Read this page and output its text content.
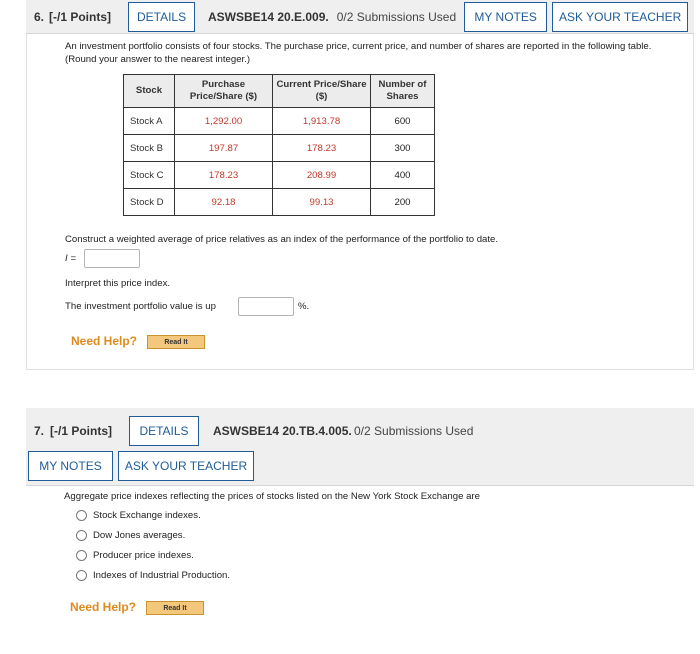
6. [-/1 Points]	DETAILS	ASWSBE14 20.E.009. 0/2 Submissions Used	MY NOTES	ASK YOUR TEACHER

An investment portfolio consists of four stocks. The purchase price, current price, and number of shares are reported in the following table. (Round your answer to the nearest integer.)

Stock	Purchase Price/Share ($)	Current Price/Share ($)	Number of Shares
Stock A	1,292.00	1,913.78	600
Stock B	197.87	178.23	300
Stock C	178.23	208.99	400
Stock D	92.18	99.13	200

Construct a weighted average of price relatives as an index of the performance of the portfolio to date.

I =

Interpret this price index.

The investment portfolio value is up	%.
Need Help?	Read It
7. [-/1 Points]	DETAILS	ASWSBE14 20.TB.4.005. 0/2 Submissions Used
MY NOTES	ASK YOUR TEACHER

Aggregate price indexes reflecting the prices of stocks listed on the New York Stock Exchange are

Stock Exchange indexes.
Dow Jones averages.
Producer price indexes.
Indexes of Industrial Production.
Need Help?	Read It
